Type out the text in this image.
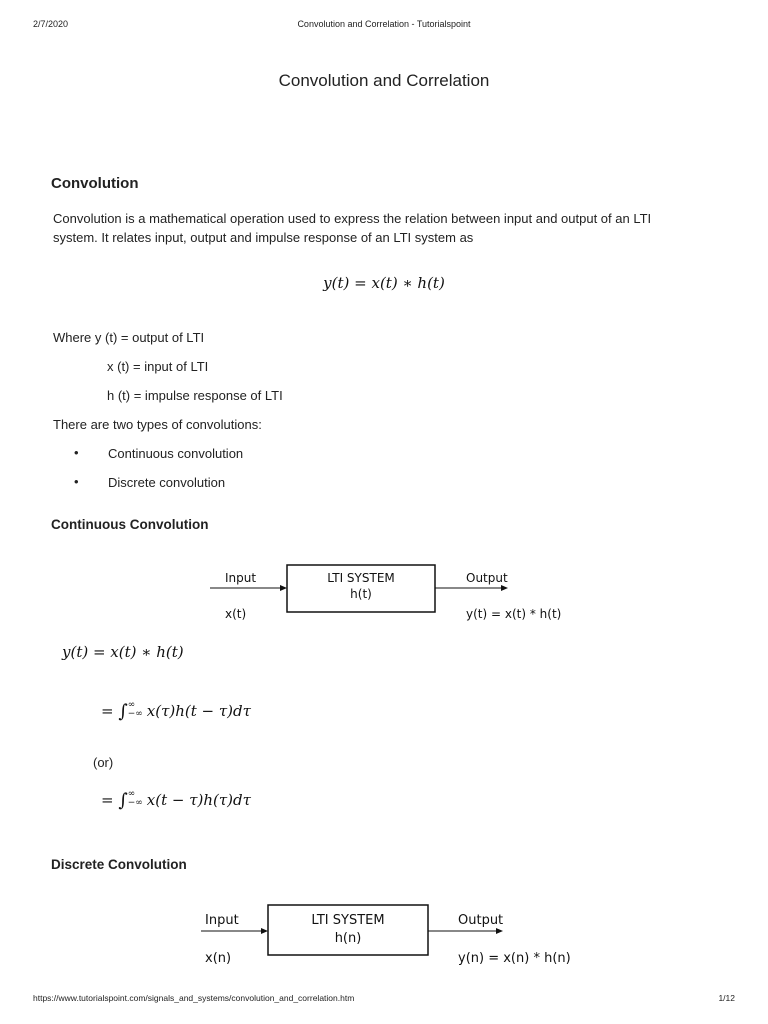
2/7/2020	Convolution and Correlation - Tutorialspoint
Convolution and Correlation
Convolution
Convolution is a mathematical operation used to express the relation between input and output of an LTI
system. It relates input, output and impulse response of an LTI system as
y(t) = x(t) ∗ h(t)
Where y (t) = output of LTI
x (t) = input of LTI
h (t) = impulse response of LTI
There are two types of convolutions:
• Continuous convolution
• Discrete convolution
Continuous Convolution
Input
x(t)
LTI SYSTEM
h(t)
Output
y(t) = x(t) * h(t)
y(t) = x(t) ∗ h(t)
= ∫ ∞
−∞ x(τ)h(t − τ)dτ
(or)
= ∫ ∞
−∞ x(t − τ)h(τ)dτ
Discrete Convolution
Input
x(n)
LTI SYSTEM
h(n)
Output
y(n) = x(n) * h(n)
https://www.tutorialspoint.com/signals_and_systems/convolution_and_correlation.htm	1/12
